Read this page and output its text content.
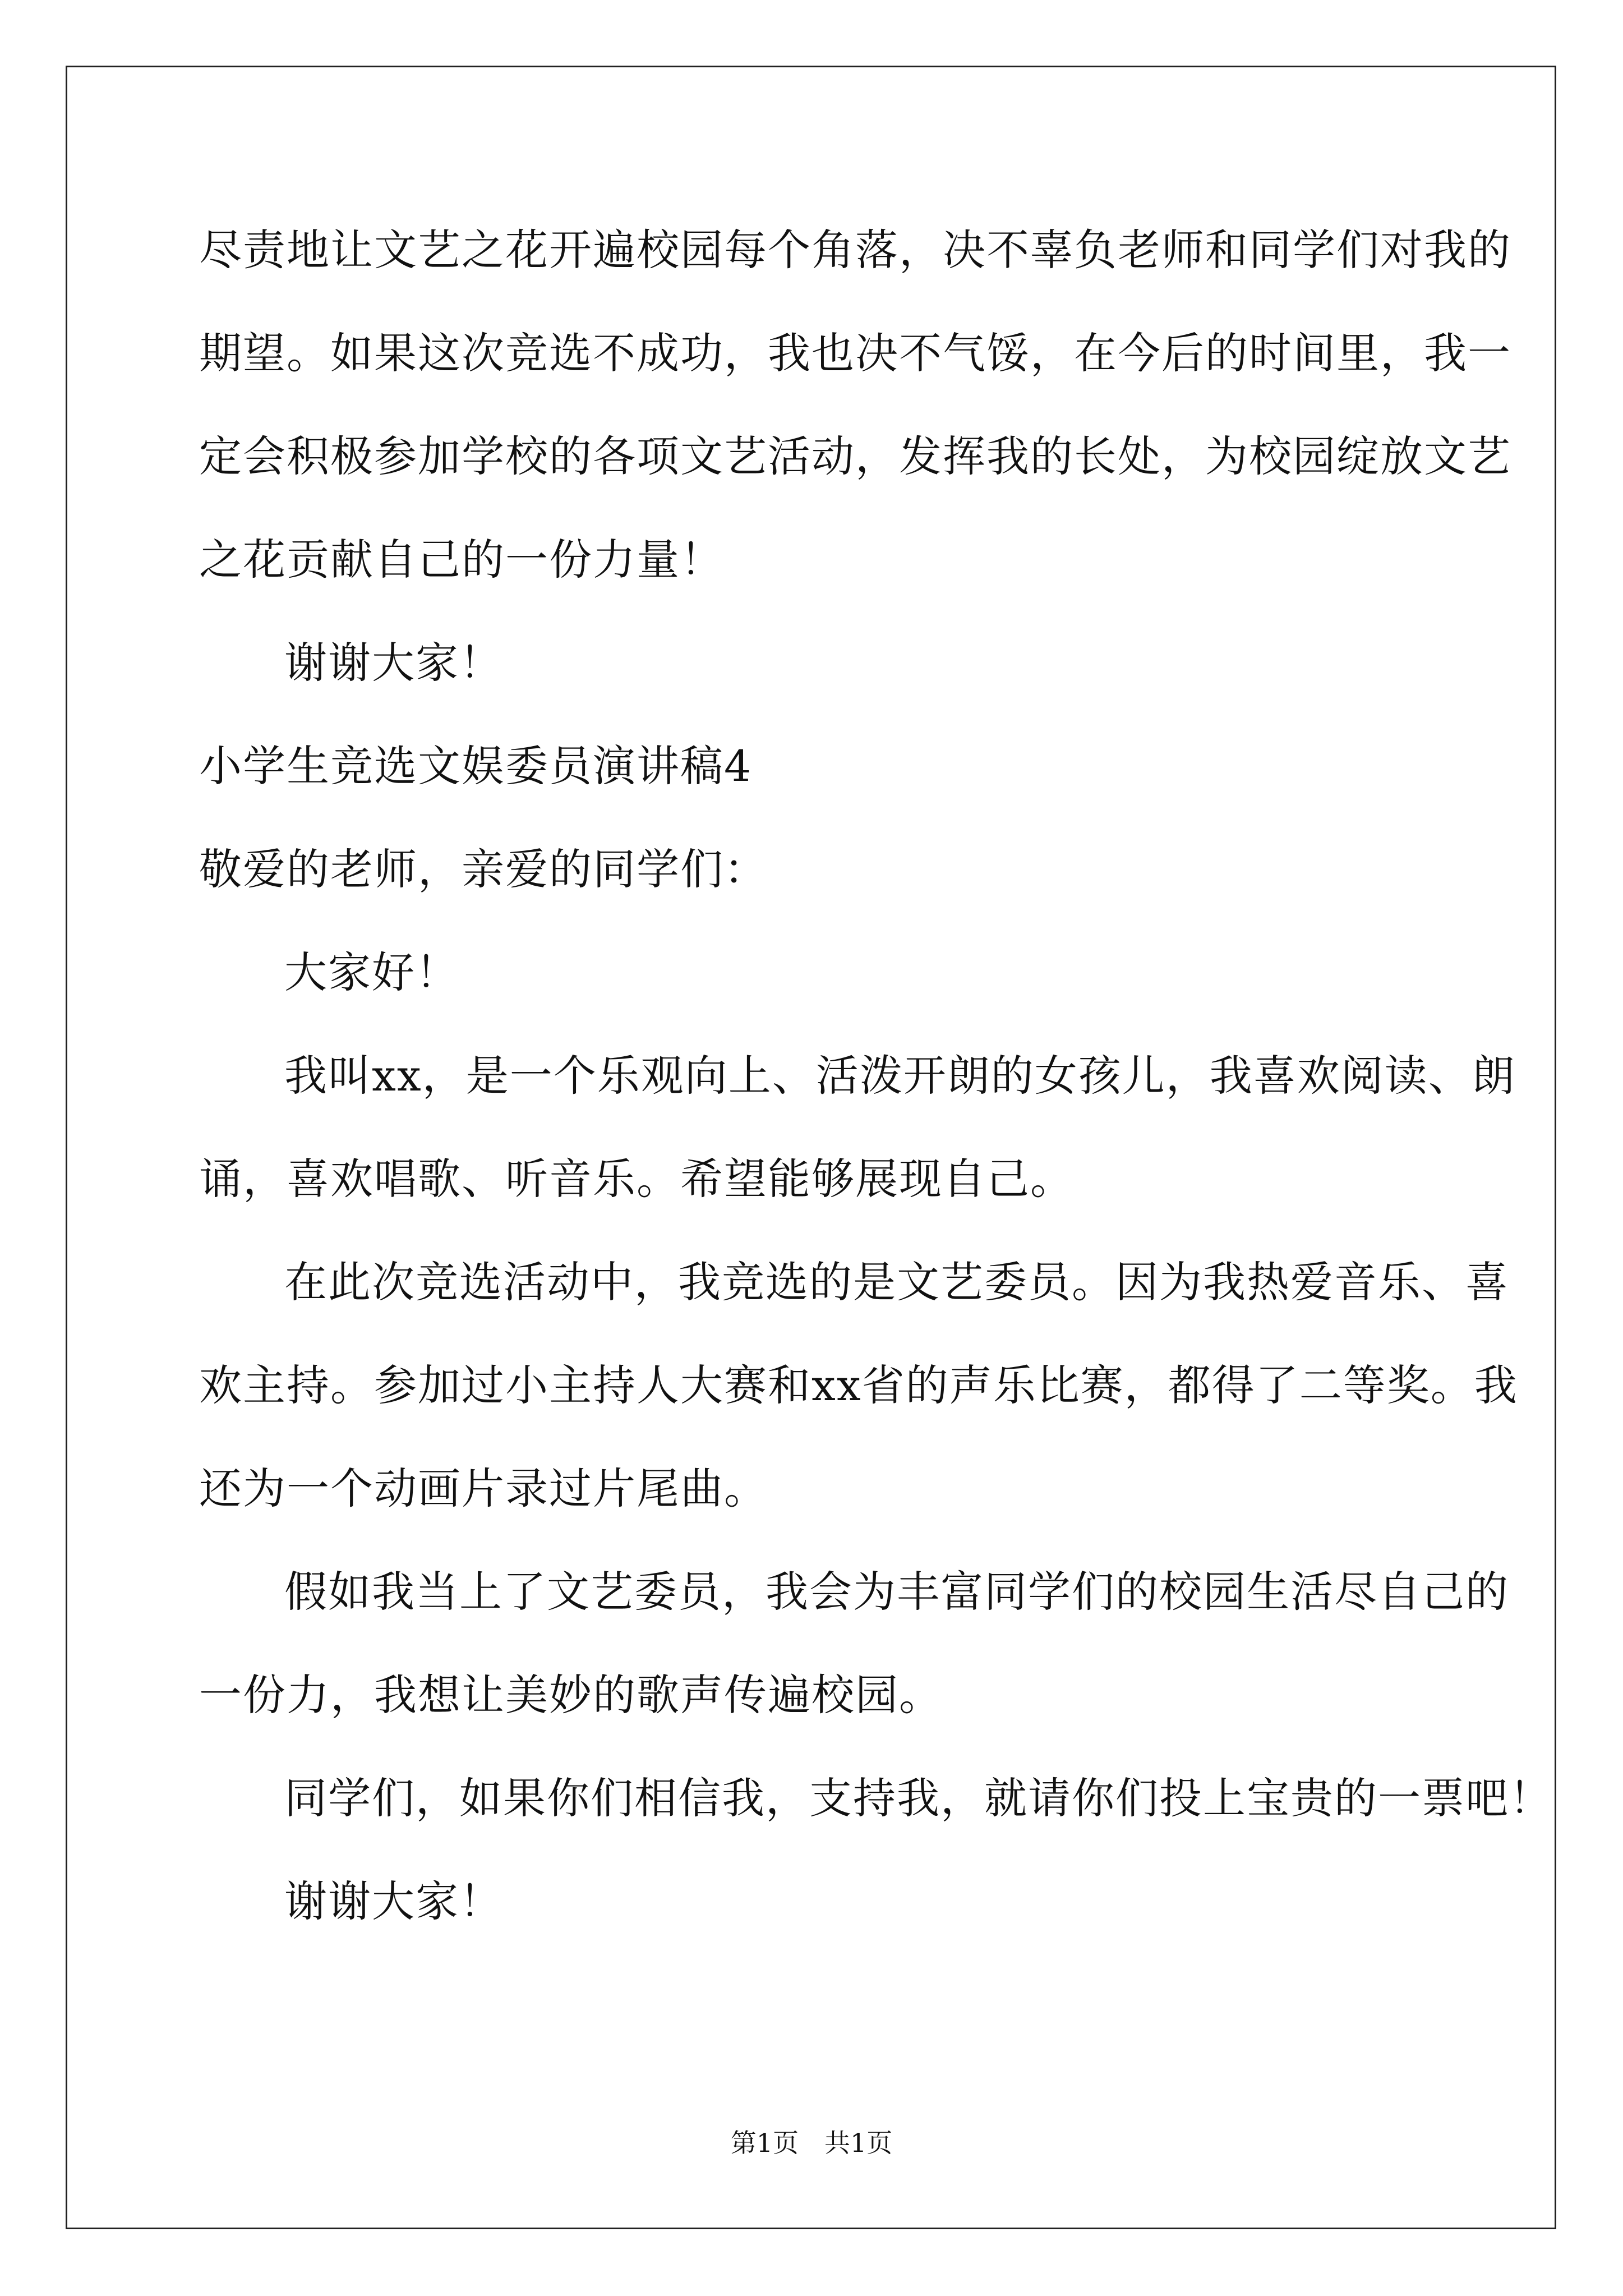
尽责地让文艺之花开遍校园每个角落，决不辜负老师和同学们对我的
期望。如果这次竞选不成功，我也决不气馁，在今后的时间里，我一
定会积极参加学校的各项文艺活动，发挥我的长处，为校园绽放文艺
之花贡献自己的一份力量！
谢谢大家！
小学生竞选文娱委员演讲稿4
敬爱的老师，亲爱的同学们：
大家好！
我叫xx，是一个乐观向上、活泼开朗的女孩儿，我喜欢阅读、朗
诵，喜欢唱歌、听音乐。希望能够展现自己。
在此次竞选活动中，我竞选的是文艺委员。因为我热爱音乐、喜
欢主持。参加过小主持人大赛和xx省的声乐比赛，都得了二等奖。我
还为一个动画片录过片尾曲。
假如我当上了文艺委员，我会为丰富同学们的校园生活尽自己的
一份力，我想让美妙的歌声传遍校园。
同学们，如果你们相信我，支持我，就请你们投上宝贵的一票吧！
谢谢大家！
第1页　共1页
